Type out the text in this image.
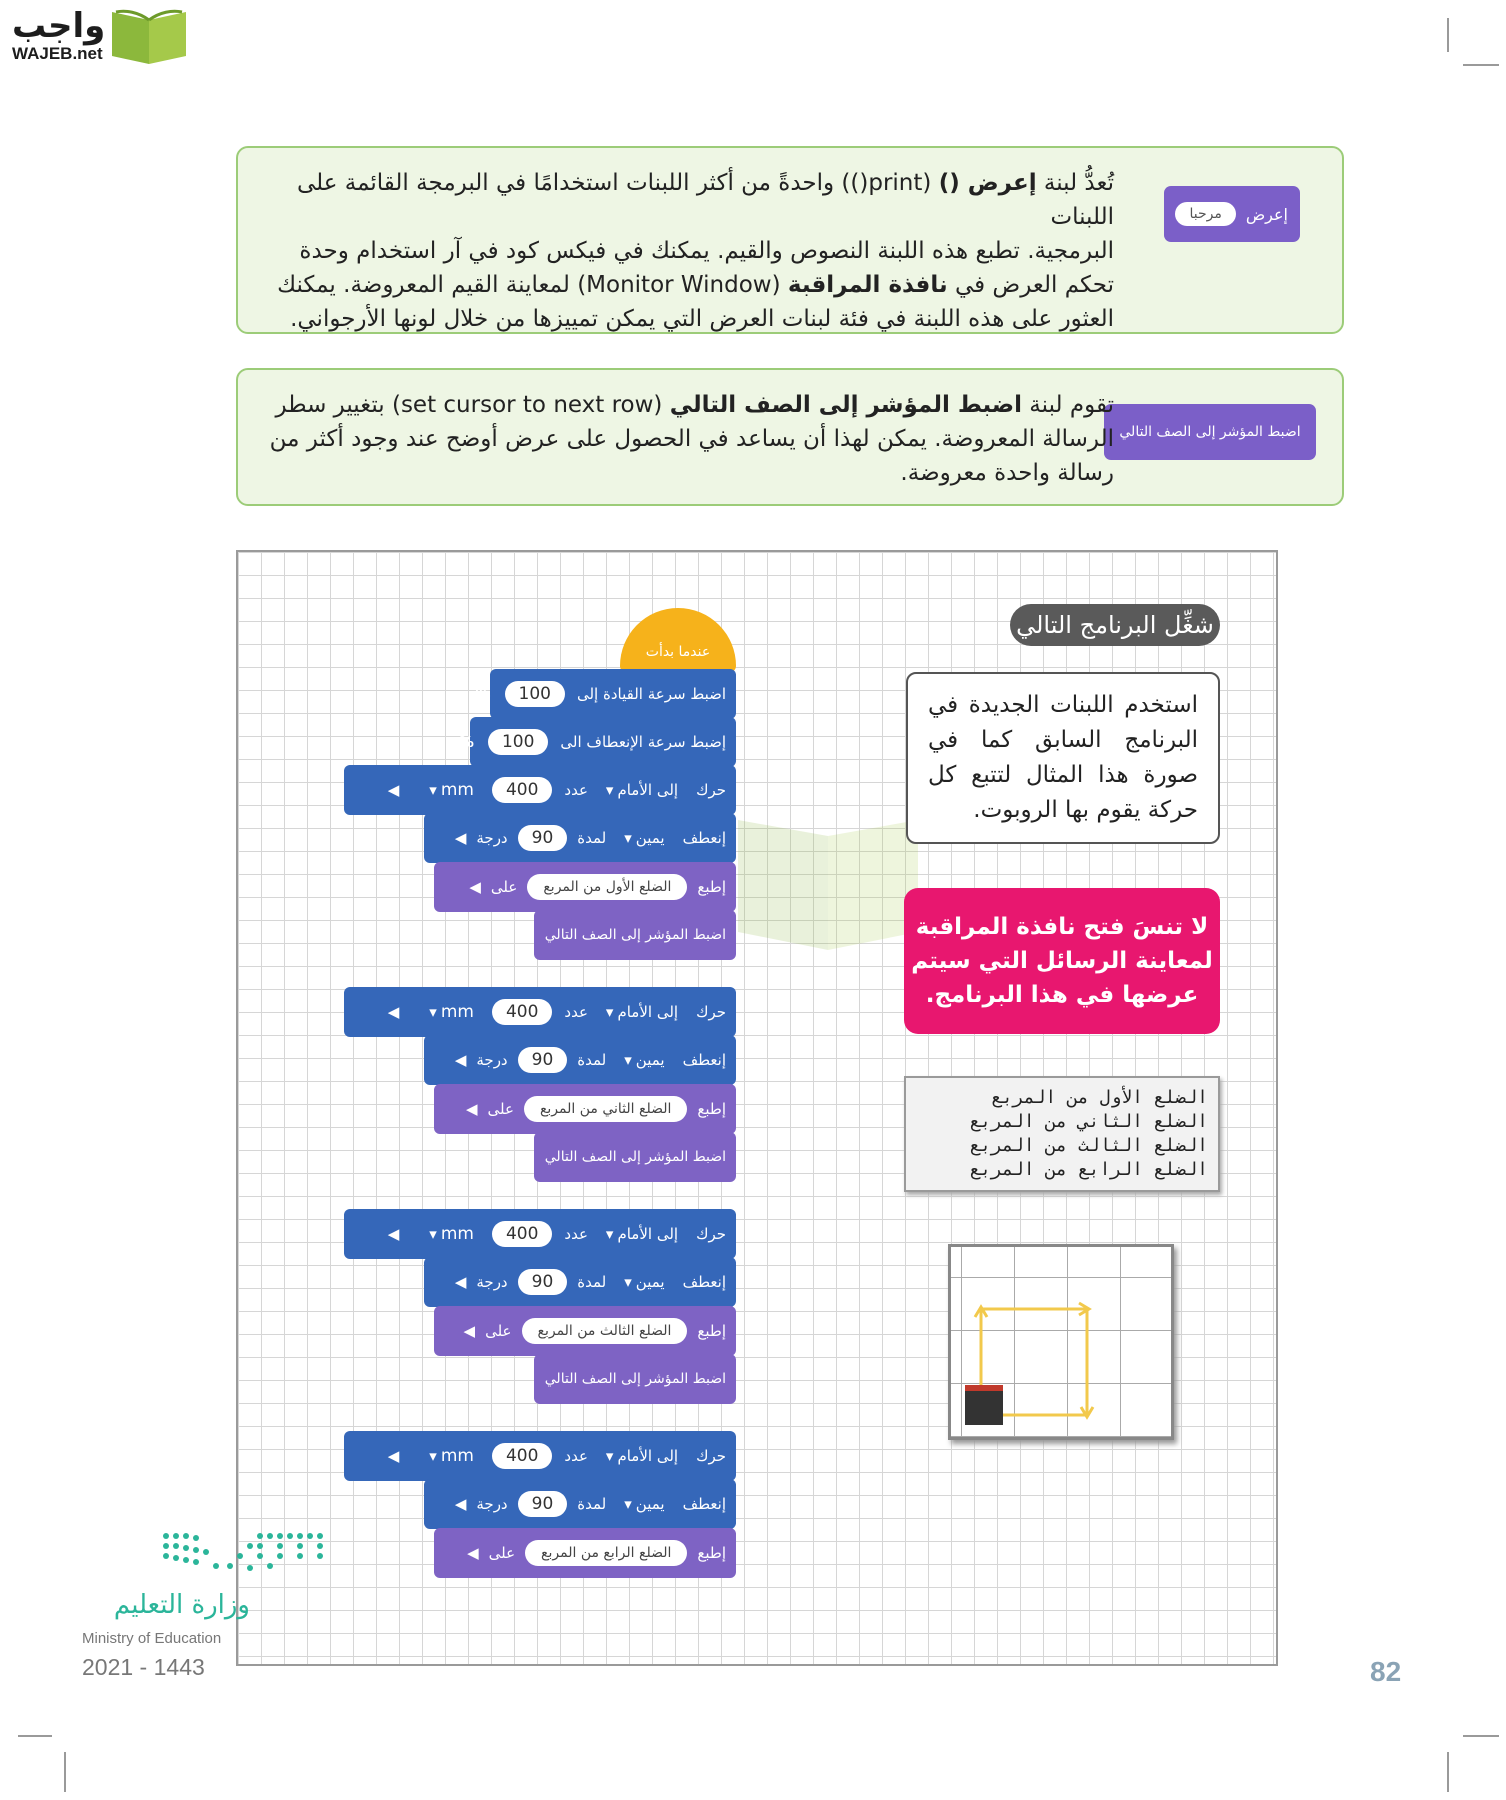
واجب
WAJEB.net
إعرض
مرحبا
تُعدُّ لبنة إعرض () (print()) واحدةً من أكثر اللبنات استخدامًا في البرمجة القائمة على اللبنات
البرمجية. تطبع هذه اللبنة النصوص والقيم. يمكنك في فيكس كود في آر استخدام وحدة
تحكم العرض في نافذة المراقبة (Monitor Window) لمعاينة القيم المعروضة. يمكنك
العثور على هذه اللبنة في فئة لبنات العرض التي يمكن تمييزها من خلال لونها الأرجواني.
اضبط المؤشر إلى الصف التالي
تقوم لبنة اضبط المؤشر إلى الصف التالي (set cursor to next row) بتغيير سطر
الرسالة المعروضة. يمكن لهذا أن يساعد في الحصول على عرض أوضح عند وجود أكثر من
رسالة واحدة معروضة.
عندما بدأت
اضبط سرعة القيادة إلى
100
%
إضبط سرعة الإنعطاف الى
100
%
حرك
إلى الأمام
▾
عدد
400
mm
▾
◀
إنعطف
يمين
▾
لمدة
90
درجة
◀
إطبع
الضلع الأول من المربع
على
◀
اضبط المؤشر إلى الصف التالي
حرك
إلى الأمام
▾
عدد
400
mm
▾
◀
إنعطف
يمين
▾
لمدة
90
درجة
◀
إطبع
الضلع الثاني من المربع
على
◀
اضبط المؤشر إلى الصف التالي
حرك
إلى الأمام
▾
عدد
400
mm
▾
◀
إنعطف
يمين
▾
لمدة
90
درجة
◀
إطبع
الضلع الثالث من المربع
على
◀
اضبط المؤشر إلى الصف التالي
حرك
إلى الأمام
▾
عدد
400
mm
▾
◀
إنعطف
يمين
▾
لمدة
90
درجة
◀
إطبع
الضلع الرابع من المربع
على
◀
شغِّل البرنامج التالي
استخدم اللبنات الجديدة في البرنامج السابق كما في صورة هذا المثال لتتبع كل حركة يقوم بها الروبوت.
لا تنسَ فتح نافذة المراقبة
لمعاينة الرسائل التي سيتم
عرضها في هذا البرنامج.
الضلع الأول من المربع
الضلع الثاني من المربع
الضلع الثالث من المربع
الضلع الرابع من المربع
وزارة التعليم
Ministry of Education
2021 - 1443	82
